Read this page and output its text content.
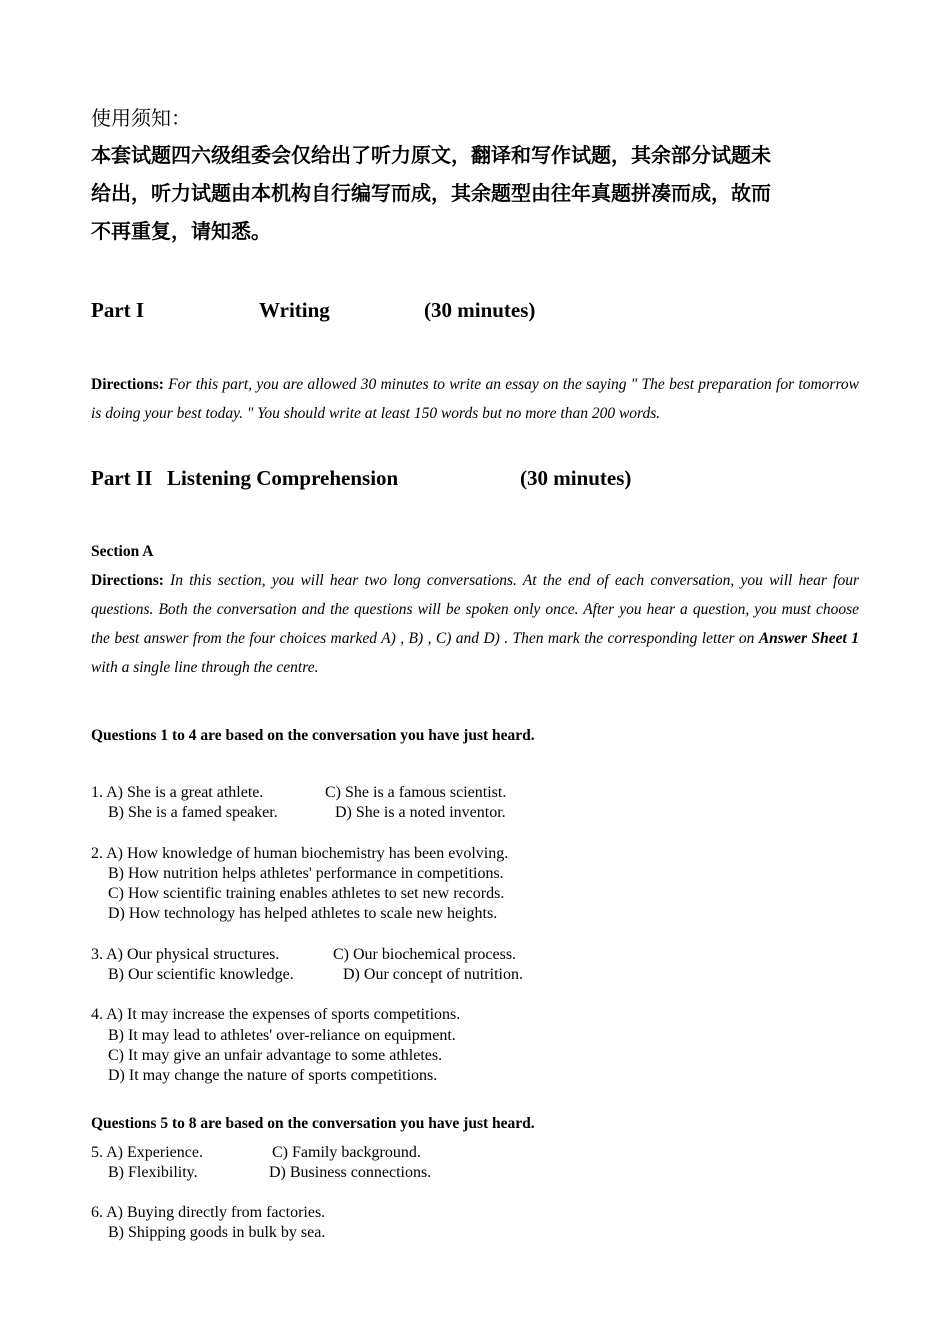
使用须知：

本套试题四六级组委会仅给出了听力原文，翻译和写作试题，其余部分试题未

给出，听力试题由本机构自行编写而成，其余题型由往年真题拼凑而成，故而

不再重复，请知悉。

Part I	Writing	(30 minutes)

Directions: For this part, you are allowed 30 minutes to write an essay on the saying " The best preparation for tomorrow is doing your best today. " You should write at least 150 words but no more than 200 words.

Part II Listening Comprehension	(30 minutes)

Section A

Directions: In this section, you will hear two long conversations. At the end of each conversation, you will hear four questions. Both the conversation and the questions will be spoken only once. After you hear a question, you must choose the best answer from the four choices marked A) , B) , C) and D) . Then mark the corresponding letter on Answer Sheet 1 with a single line through the centre.

Questions 1 to 4 are based on the conversation you have just heard.

1. A) She is a great athlete.	C) She is a famous scientist.
B) She is a famed speaker.	D) She is a noted inventor.
2. A) How knowledge of human biochemistry has been evolving.
B) How nutrition helps athletes' performance in competitions.
C) How scientific training enables athletes to set new records.
D) How technology has helped athletes to scale new heights.
3. A) Our physical structures.	C) Our biochemical process.
B) Our scientific knowledge.	D) Our concept of nutrition.
4. A) It may increase the expenses of sports competitions.
B) It may lead to athletes' over-reliance on equipment.
C) It may give an unfair advantage to some athletes.
D) It may change the nature of sports competitions.

Questions 5 to 8 are based on the conversation you have just heard.

5. A) Experience.	C) Family background.
B) Flexibility.	D) Business connections.
6. A) Buying directly from factories.
B) Shipping goods in bulk by sea.
